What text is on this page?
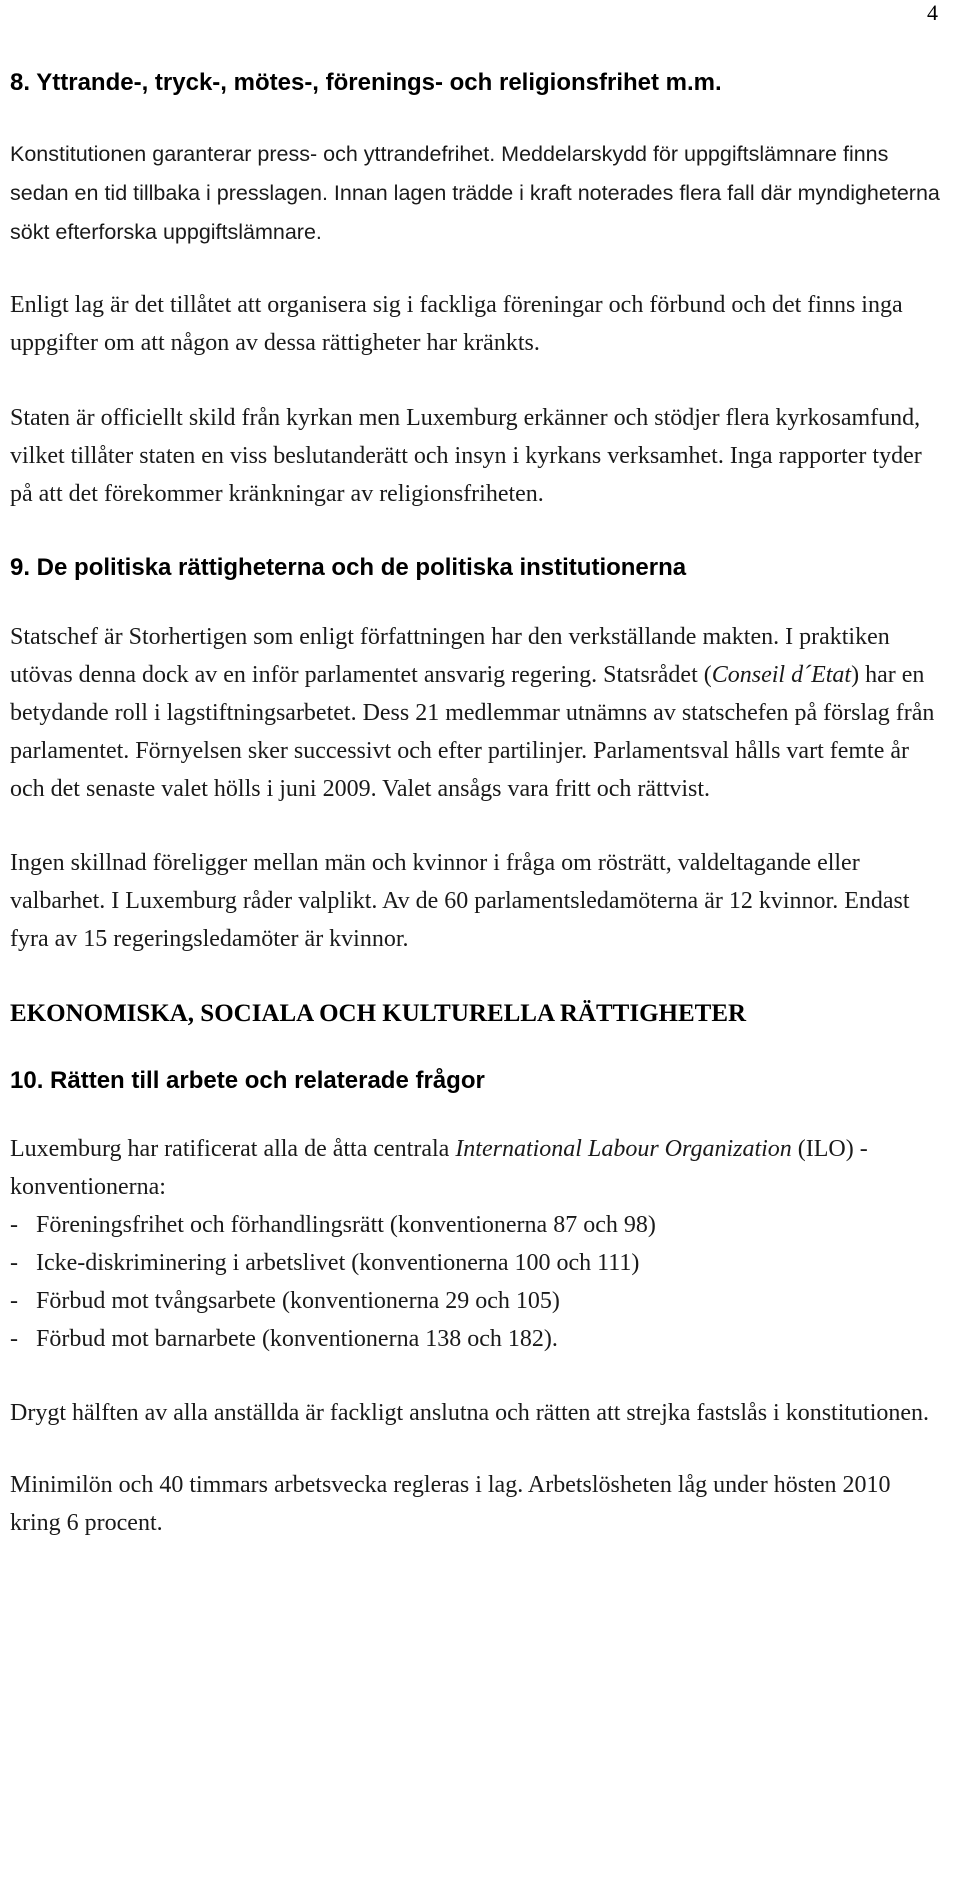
4
8. Yttrande-, tryck-, mötes-, förenings- och religionsfrihet m.m.

Konstitutionen garanterar press- och yttrandefrihet. Meddelarskydd för uppgiftslämnare finns sedan en tid tillbaka i presslagen. Innan lagen trädde i kraft noterades flera fall där myndigheterna sökt efterforska uppgiftslämnare.

Enligt lag är det tillåtet att organisera sig i fackliga föreningar och förbund och det finns inga uppgifter om att någon av dessa rättigheter har kränkts.

Staten är officiellt skild från kyrkan men Luxemburg erkänner och stödjer flera kyrkosamfund, vilket tillåter staten en viss beslutanderätt och insyn i kyrkans verksamhet. Inga rapporter tyder på att det förekommer kränkningar av religionsfriheten.

9. De politiska rättigheterna och de politiska institutionerna

Statschef är Storhertigen som enligt författningen har den verkställande makten. I praktiken utövas denna dock av en inför parlamentet ansvarig regering. Statsrådet (Conseil d´Etat) har en betydande roll i lagstiftningsarbetet. Dess 21 medlemmar utnämns av statschefen på förslag från parlamentet. Förnyelsen sker successivt och efter partilinjer. Parlamentsval hålls vart femte år och det senaste valet hölls i juni 2009. Valet ansågs vara fritt och rättvist.

Ingen skillnad föreligger mellan män och kvinnor i fråga om rösträtt, valdeltagande eller valbarhet. I Luxemburg råder valplikt. Av de 60 parlamentsledamöterna är 12 kvinnor. Endast fyra av 15 regeringsledamöter är kvinnor.

EKONOMISKA, SOCIALA OCH KULTURELLA RÄTTIGHETER
10. Rätten till arbete och relaterade frågor

Luxemburg har ratificerat alla de åtta centrala International Labour Organization (ILO) -konventionerna:

- Föreningsfrihet och förhandlingsrätt (konventionerna 87 och 98)
- Icke-diskriminering i arbetslivet (konventionerna 100 och 111)
- Förbud mot tvångsarbete (konventionerna 29 och 105)
- Förbud mot barnarbete (konventionerna 138 och 182).

Drygt hälften av alla anställda är fackligt anslutna och rätten att strejka fastslås i konstitutionen.

Minimilön och 40 timmars arbetsvecka regleras i lag. Arbetslösheten låg under hösten 2010 kring 6 procent.
